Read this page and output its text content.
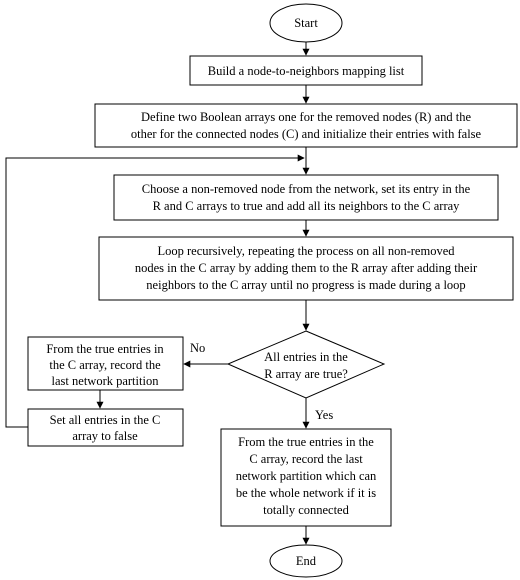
Start
Build a node-to-neighbors mapping list
Define two Boolean arrays one for the removed nodes (R) and the
other for the connected nodes (C) and initialize their entries with false
Choose a non-removed node from the network, set its entry in the
R and C arrays to true and add all its neighbors to the C array
Loop recursively, repeating the process on all non-removed
nodes in the C array by adding them to the R array after adding their
neighbors to the C array until no progress is made during a loop
All entries in the
R array are true?
No
Yes
From the true entries in
the C array, record the
last network partition
Set all entries in the C
array to false	From the true entries in the
C array, record the last
network partition which can
be the whole network if it is
totally connected
End
